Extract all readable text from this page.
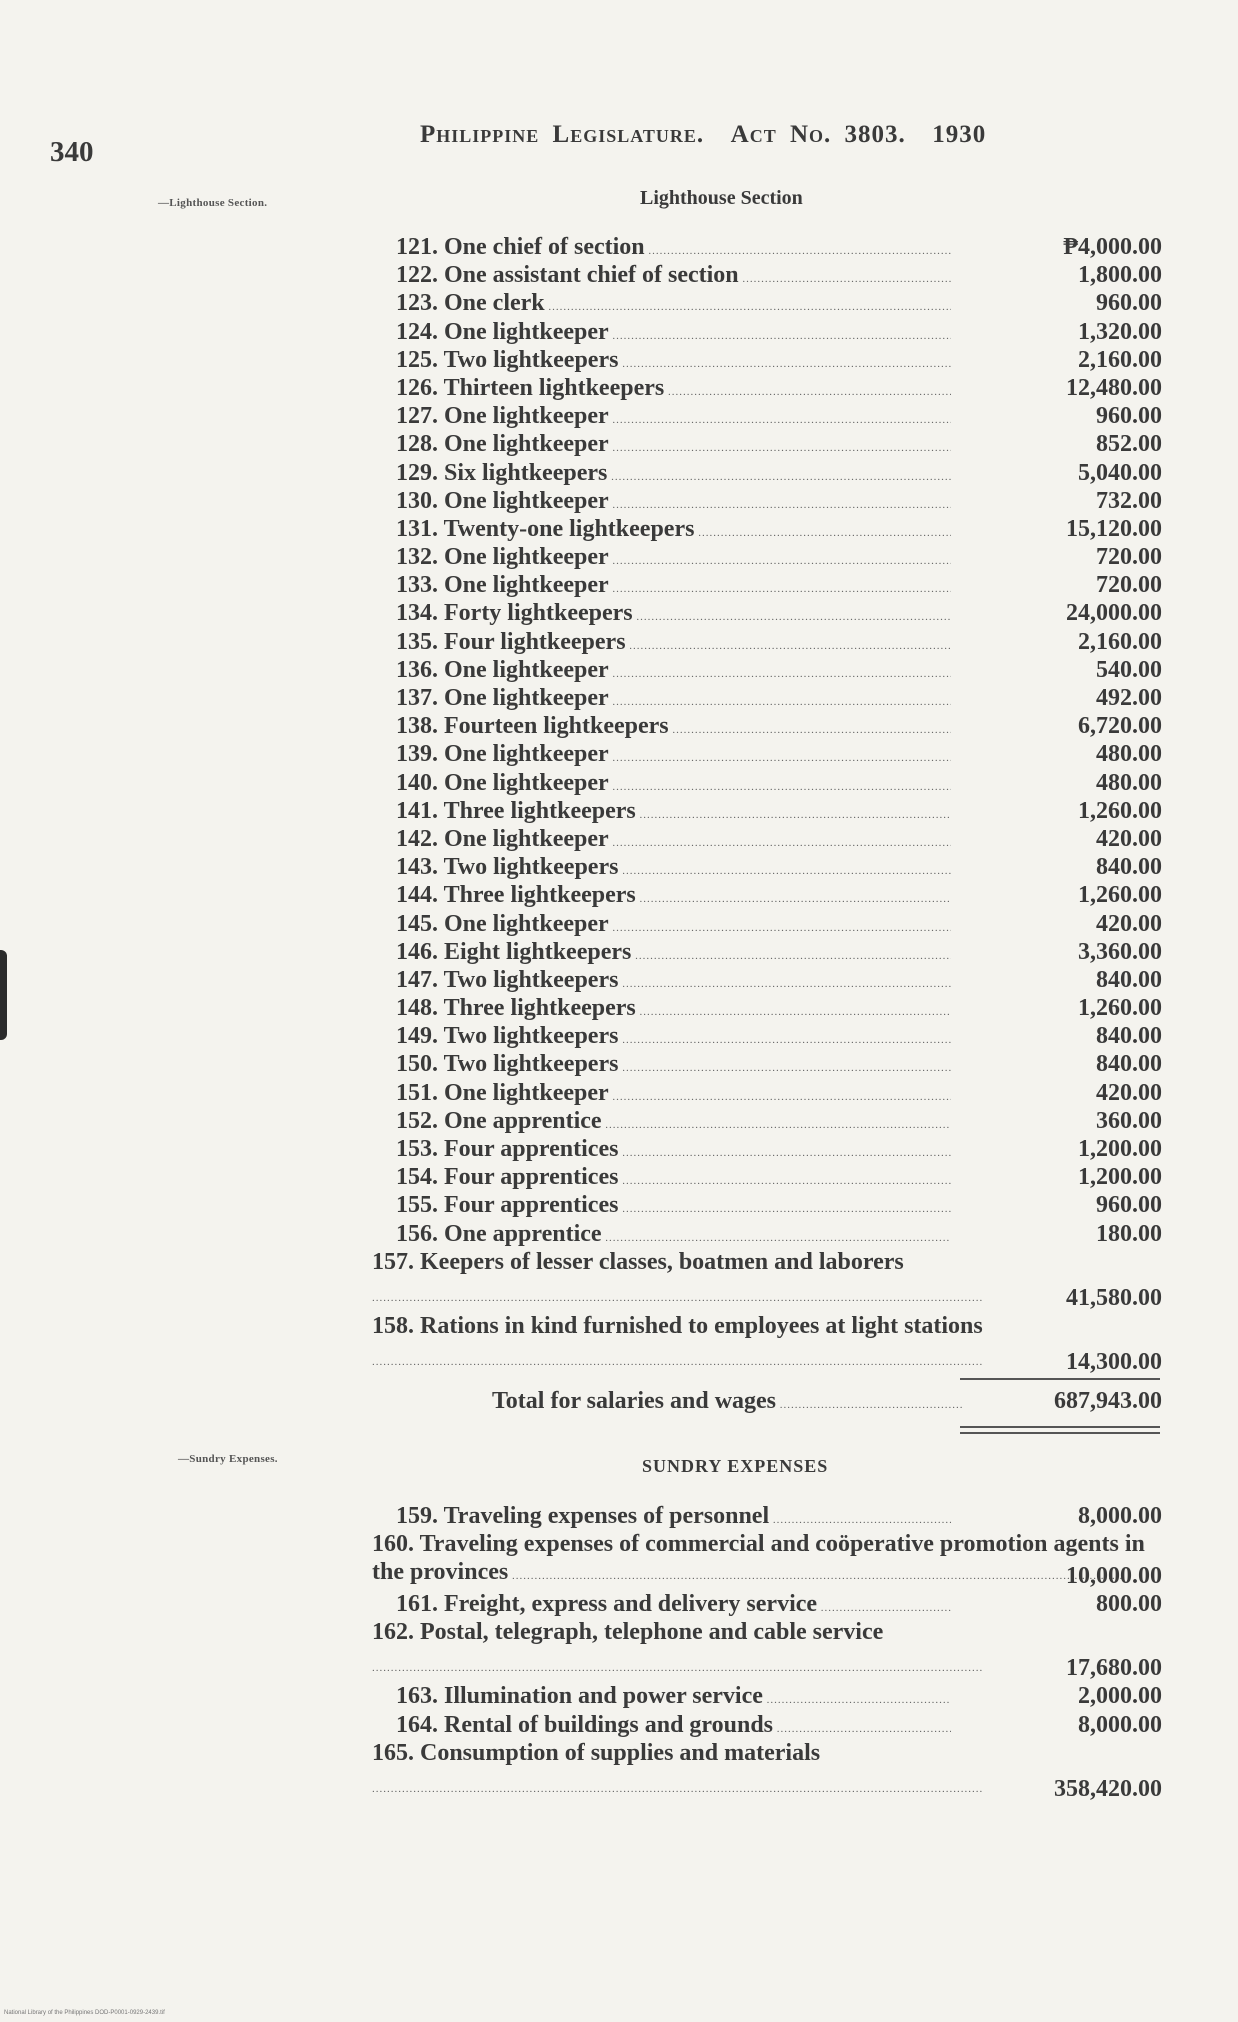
340
Philippine Legislature. Act No. 3803. 1930
—Lighthouse Section.	Lighthouse Section
121. One chief of section .....	₱4,000.00
122. One assistant chief of section .....	1,800.00
123. One clerk .....	960.00
124. One lightkeeper .....	1,320.00
125. Two lightkeepers .....	2,160.00
126. Thirteen lightkeepers .....	12,480.00
127. One lightkeeper .....	960.00
128. One lightkeeper .....	852.00
129. Six lightkeepers .....	5,040.00
130. One lightkeeper .....	732.00
131. Twenty-one lightkeepers .....	15,120.00
132. One lightkeeper .....	720.00
133. One lightkeeper .....	720.00
134. Forty lightkeepers .....	24,000.00
135. Four lightkeepers .....	2,160.00
136. One lightkeeper .....	540.00
137. One lightkeeper .....	492.00
138. Fourteen lightkeepers .....	6,720.00
139. One lightkeeper .....	480.00
140. One lightkeeper .....	480.00
141. Three lightkeepers .....	1,260.00
142. One lightkeeper .....	420.00
143. Two lightkeepers .....	840.00
144. Three lightkeepers .....	1,260.00
145. One lightkeeper .....	420.00
146. Eight lightkeepers .....	3,360.00
147. Two lightkeepers .....	840.00
148. Three lightkeepers .....	1,260.00
149. Two lightkeepers .....	840.00
150. Two lightkeepers .....	840.00
151. One lightkeeper .....	420.00
152. One apprentice .....	360.00
153. Four apprentices .....	1,200.00
154. Four apprentices .....	1,200.00
155. Four apprentices .....	960.00
156. One apprentice .....	180.00
157. Keepers of lesser classes, boatmen and laborers .....
41,580.00
158. Rations in kind furnished to employees at light stations .....
14,300.00
Total for salaries and wages .....	687,943.00
—Sundry Expenses.	SUNDRY EXPENSES
159. Traveling expenses of personnel .....	8,000.00
160. Traveling expenses of commercial and coöperative promotion agents in the provinces .....	10,000.00
161. Freight, express and delivery service .....	800.00
162. Postal, telegraph, telephone and cable service .....
17,680.00
163. Illumination and power service .....	2,000.00
164. Rental of buildings and grounds .....	8,000.00
165. Consumption of supplies and materials .....
358,420.00
National Library of the Philippines DOD-P0001-0929-2439.tif
